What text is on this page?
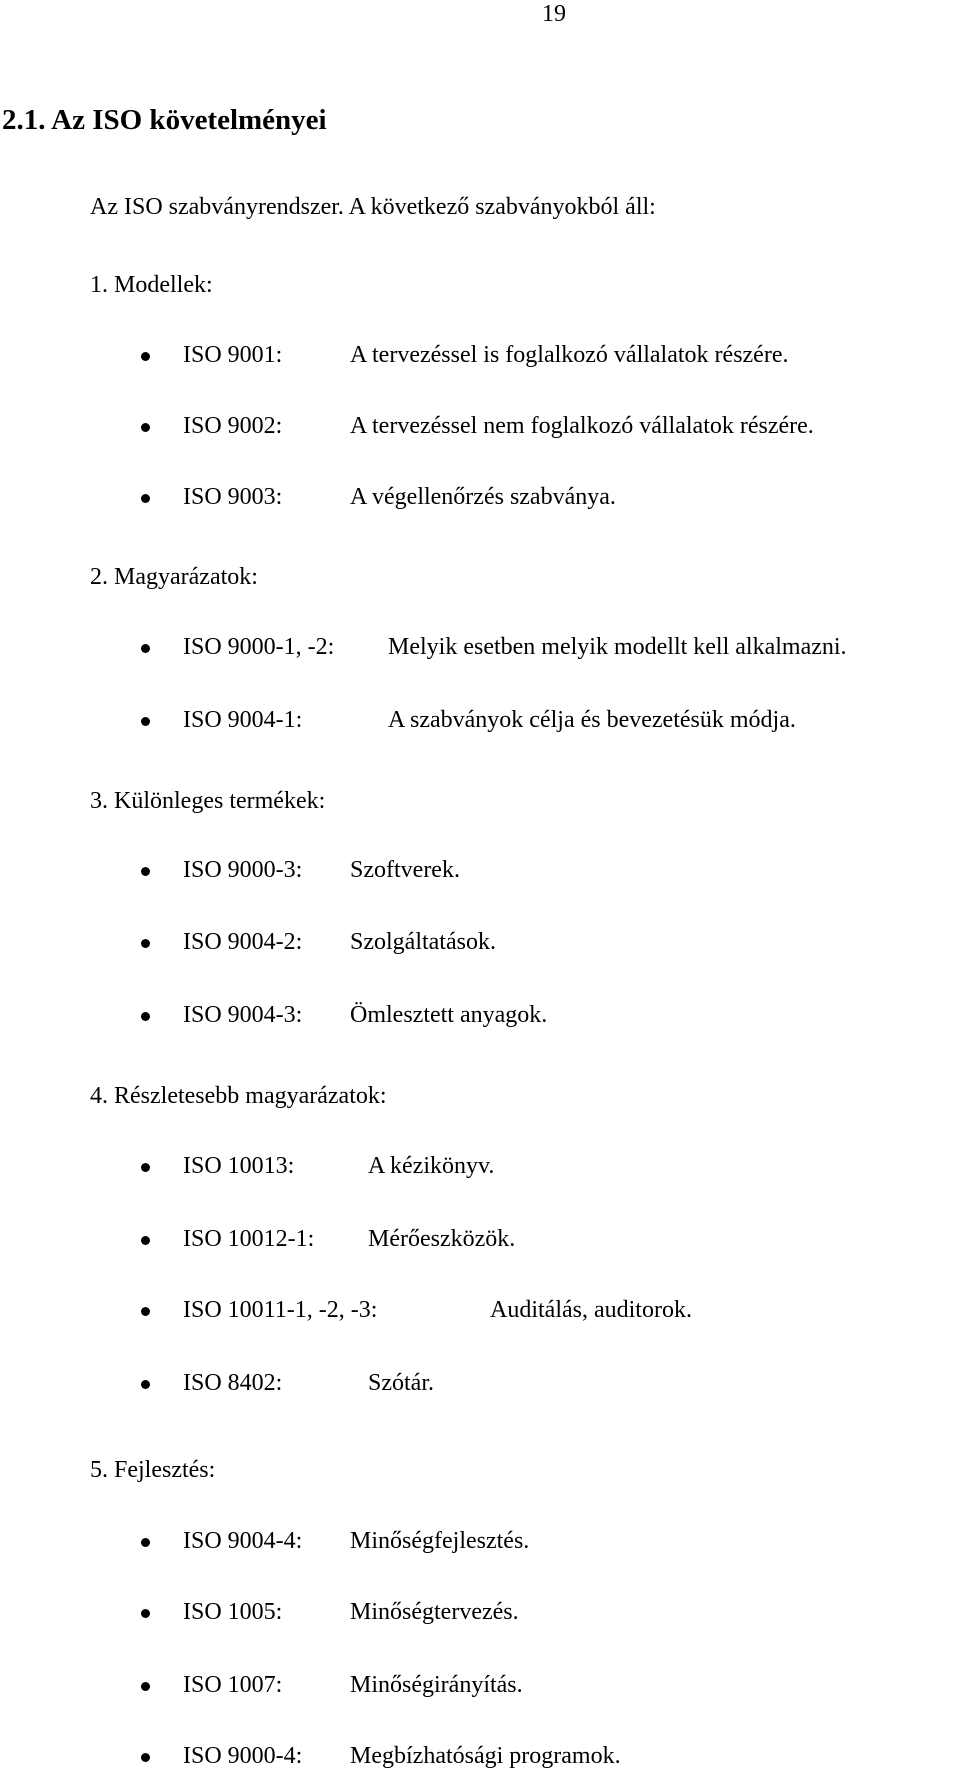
19
2.1. Az ISO követelményei
Az ISO szabványrendszer. A következő szabványokból áll:
1. Modellek:
ISO 9001:	A tervezéssel is foglalkozó vállalatok részére.
ISO 9002:	A tervezéssel nem foglalkozó vállalatok részére.
ISO 9003:	A végellenőrzés szabványa.
2. Magyarázatok:
ISO 9000-1, -2: Melyik esetben melyik modellt kell alkalmazni.
ISO 9004-1:	A szabványok célja és bevezetésük módja.
3. Különleges termékek:
ISO 9000-3: Szoftverek.
ISO 9004-2: Szolgáltatások.
ISO 9004-3: Ömlesztett anyagok.
4. Részletesebb magyarázatok:
ISO 10013:	A kézikönyv.
ISO 10012-1: Mérőeszközök.
ISO 10011-1, -2, -3:	Auditálás, auditorok.
ISO 8402:	Szótár.
5. Fejlesztés:
ISO 9004-4: Minőségfejlesztés.
ISO 1005:	Minőségtervezés.
ISO 1007:	Minőségirányítás.
ISO 9000-4: Megbízhatósági programok.
